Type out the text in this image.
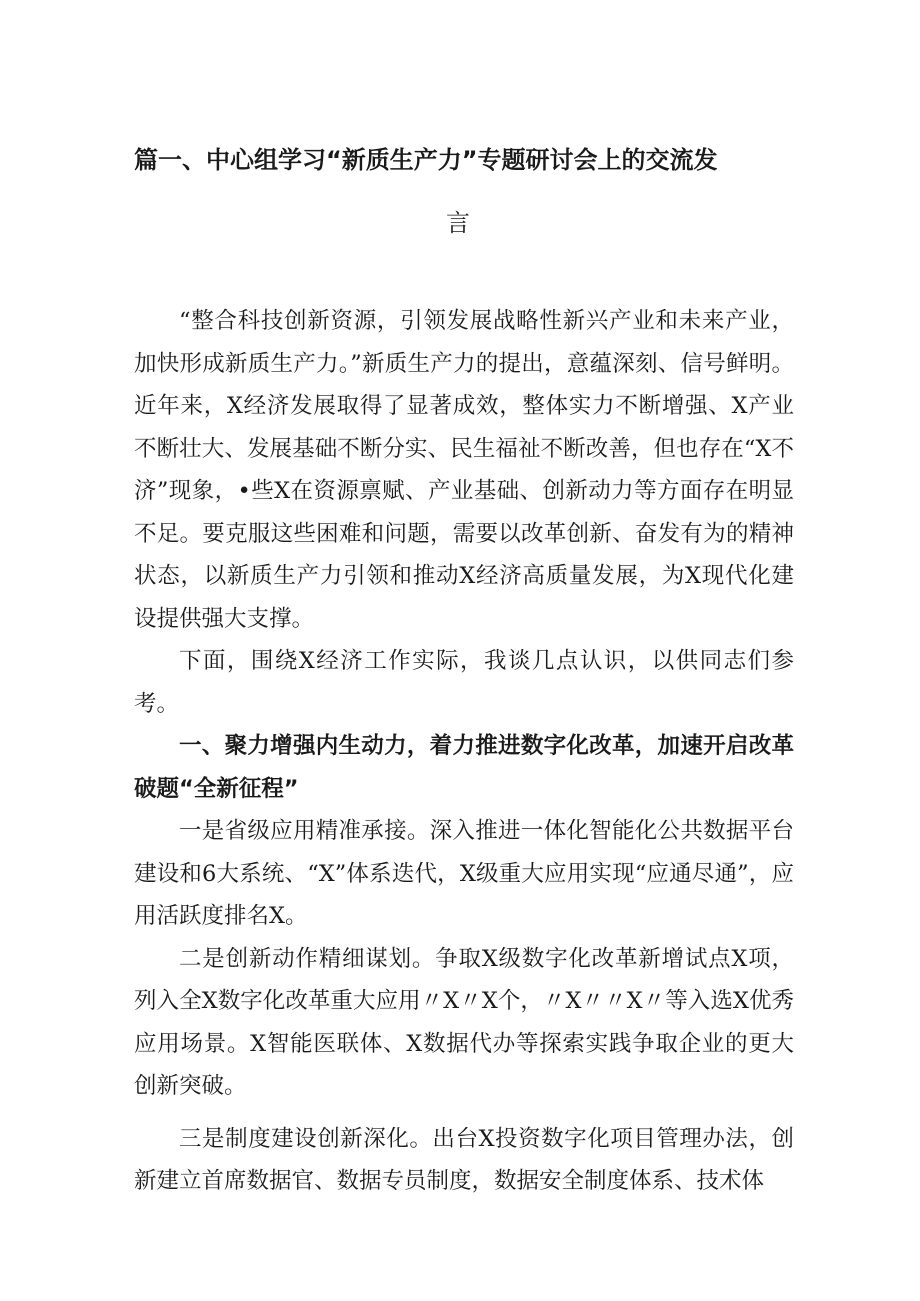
篇一、中心组学习“新质生产力”专题研讨会上的交流发
言

“整合科技创新资源，引领发展战略性新兴产业和未来产业，加快形成新质生产力。”新质生产力的提出，意蕴深刻、信号鲜明。近年来，X经济发展取得了显著成效，整体实力不断增强、X产业不断壮大、发展基础不断分实、民生福祉不断改善，但也存在“X不济”现象，•些X在资源禀赋、产业基础、创新动力等方面存在明显不足。要克服这些困难和问题，需要以改革创新、奋发有为的精神状态，以新质生产力引领和推动X经济高质量发展，为X现代化建设提供强大支撑。

下面，围绕X经济工作实际，我谈几点认识，以供同志们参考。

一、聚力增强内生动力，着力推进数字化改革，加速开启改革破题“全新征程”

一是省级应用精准承接。深入推进一体化智能化公共数据平台建设和6大系统、“X”体系迭代，X级重大应用实现“应通尽通”，应用活跃度排名X。

二是创新动作精细谋划。争取X级数字化改革新增试点X项，列入全X数字化改革重大应用〃X〃X个，〃X〃〃X〃等入选X优秀应用场景。X智能医联体、X数据代办等探索实践争取企业的更大创新突破。

三是制度建设创新深化。出台X投资数字化项目管理办法，创新建立首席数据官、数据专员制度，数据安全制度体系、技术体
